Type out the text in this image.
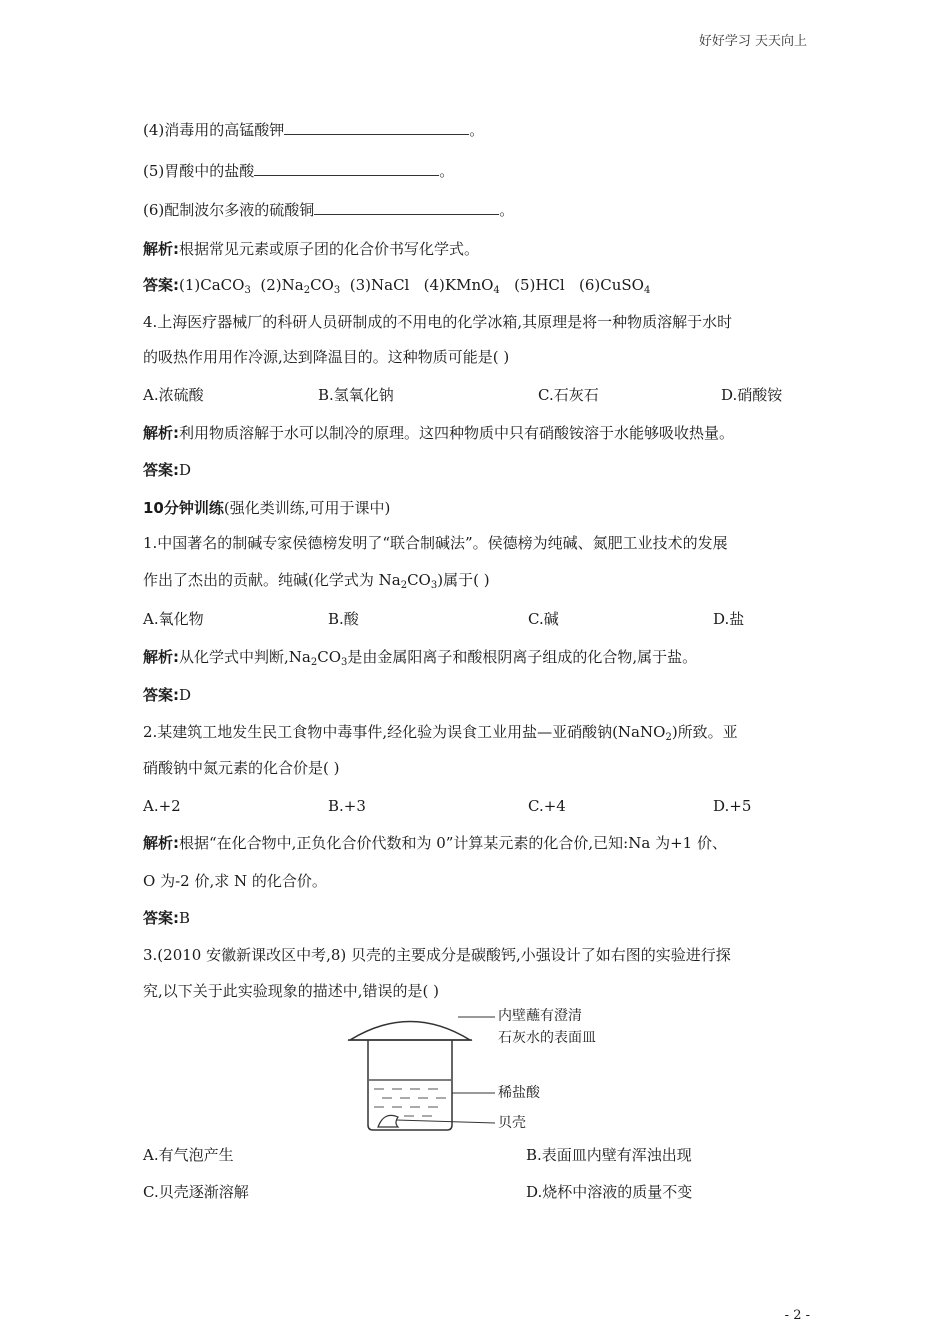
好好学习 天天向上
(4)消毒用的高锰酸钾	。
(5)胃酸中的盐酸	。
(6)配制波尔多液的硫酸铜	。
解析:根据常见元素或原子团的化合价书写化学式。
答案:(1)CaCO$_3$  $(2)Na_2CO_3$  (3)NaCl   (4)KMnO$_4$   (5)HCl   (6)CuSO$_4$
4.上海医疗器械厂的科研人员研制成的不用电的化学冰箱,其原理是将一种物质溶解于水时
的吸热作用用作冷源,达到降温目的。这种物质可能是( )
A.浓硫酸	B.氢氧化钠	C.石灰石	D.硝酸铵
解析:利用物质溶解于水可以制冷的原理。这四种物质中只有硝酸铵溶于水能够吸收热量。
答案:D
10分钟训练(强化类训练,可用于课中)
1.中国著名的制碱专家侯德榜发明了“联合制碱法”。侯德榜为纯碱、氮肥工业技术的发展
作出了杰出的贡献。纯碱(化学式为 $Na_2CO_3$)属于( )
A.氧化物	B.酸	C.碱	D.盐
解析:从化学式中判断$,Na_2CO_3$是由金属阳离子和酸根阴离子组成的化合物,属于盐。
答案:D
2.某建筑工地发生民工食物中毒事件,经化验为误食工业用盐—亚硝酸钠(NaNO$_2$)所致。亚
硝酸钠中氮元素的化合价是( )
A.+2	B.+3	C.+4	D.+5
解析:根据“在化合物中,正负化合价代数和为 0”计算某元素的化合价,已知:Na 为+1 价、
O 为-2 价,求 N 的化合价。
答案:B
3.(2010 安徽新课改区中考,8) 贝壳的主要成分是碳酸钙,小强设计了如右图的实验进行探
究,以下关于此实验现象的描述中,错误的是( )
A.有气泡产生	B.表面皿内壁有浑浊出现
C.贝壳逐渐溶解	D.烧杯中溶液的质量不变
内壁蘸有澄清
石灰水的表面皿
稀盐酸
贝壳
- 2 -
